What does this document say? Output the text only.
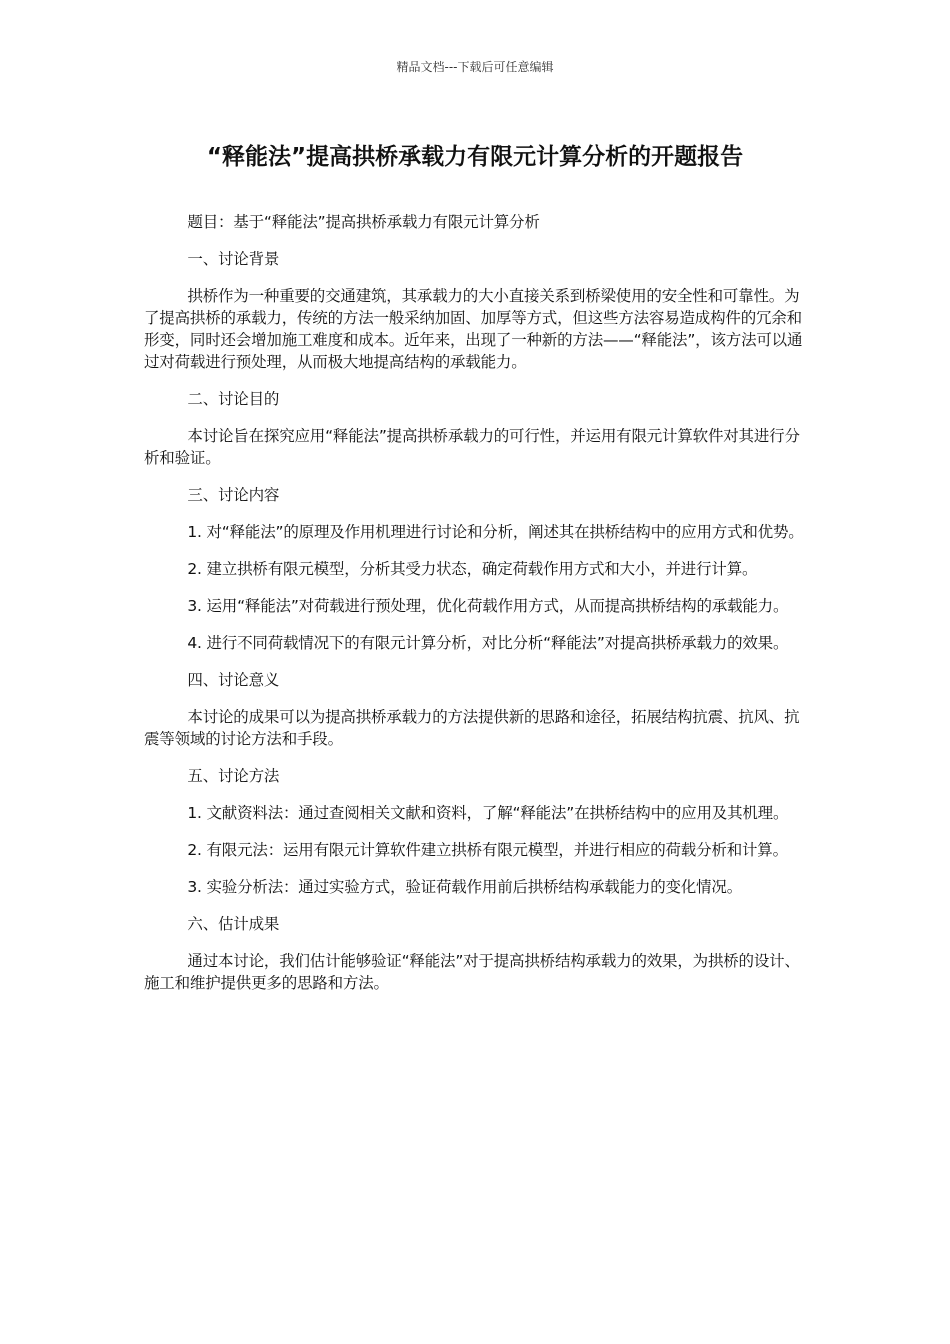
精品文档---下载后可任意编辑
“释能法”提高拱桥承载力有限元计算分析的开题报告

题目：基于“释能法”提高拱桥承载力有限元计算分析

一、讨论背景

拱桥作为一种重要的交通建筑，其承载力的大小直接关系到桥梁使用的安全性和可靠性。为了提高拱桥的承载力，传统的方法一般采纳加固、加厚等方式，但这些方法容易造成构件的冗余和形变，同时还会增加施工难度和成本。近年来，出现了一种新的方法——“释能法”，该方法可以通过对荷载进行预处理，从而极大地提高结构的承载能力。

二、讨论目的

本讨论旨在探究应用“释能法”提高拱桥承载力的可行性，并运用有限元计算软件对其进行分析和验证。

三、讨论内容

1. 对“释能法”的原理及作用机理进行讨论和分析，阐述其在拱桥结构中的应用方式和优势。

2. 建立拱桥有限元模型，分析其受力状态，确定荷载作用方式和大小，并进行计算。

3. 运用“释能法”对荷载进行预处理，优化荷载作用方式，从而提高拱桥结构的承载能力。

4. 进行不同荷载情况下的有限元计算分析，对比分析“释能法”对提高拱桥承载力的效果。

四、讨论意义

本讨论的成果可以为提高拱桥承载力的方法提供新的思路和途径，拓展结构抗震、抗风、抗震等领域的讨论方法和手段。

五、讨论方法

1. 文献资料法：通过查阅相关文献和资料，了解“释能法”在拱桥结构中的应用及其机理。

2. 有限元法：运用有限元计算软件建立拱桥有限元模型，并进行相应的荷载分析和计算。

3. 实验分析法：通过实验方式，验证荷载作用前后拱桥结构承载能力的变化情况。

六、估计成果

通过本讨论，我们估计能够验证“释能法”对于提高拱桥结构承载力的效果，为拱桥的设计、施工和维护提供更多的思路和方法。
